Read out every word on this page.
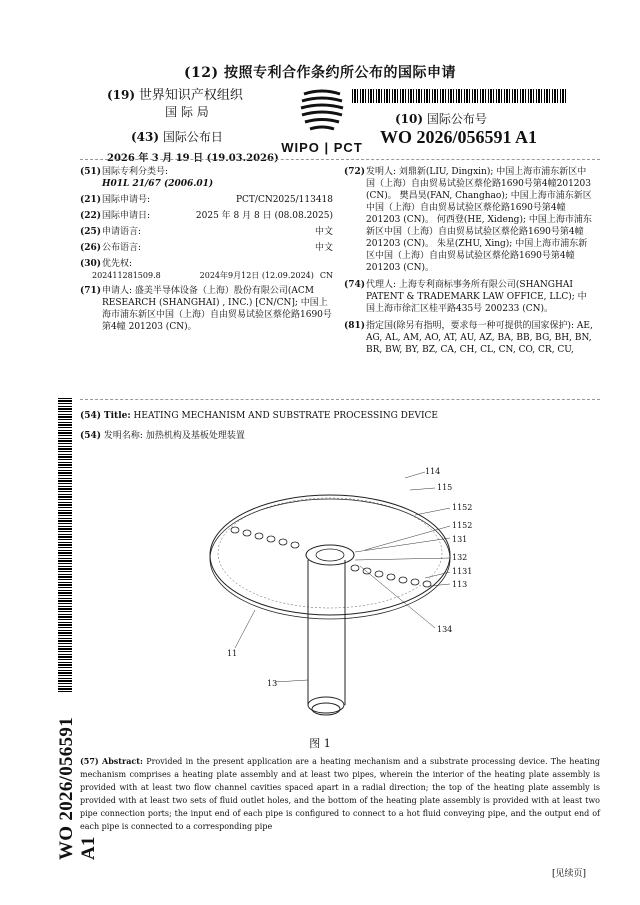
(12) 按照专利合作条约所公布的国际申请
(19) 世界知识产权组织
国 际 局
(43) 国际公布日
2026 年 3 月 19 日 (19.03.2026)
WIPO | PCT
(10) 国际公布号
WO 2026/056591 A1
(51) 国际专利分类号:
H01L 21/67 (2006.01)
(21) 国际申请号:	PCT/CN2025/113418
(22) 国际申请日:	2025 年 8 月 8 日 (08.08.2025)
(25) 申请语言:	中文
(26) 公布语言:	中文
(30) 优先权:
202411281509.8	2024年9月12日 (12.09.2024) CN
(71) 申请人: 盛美半导体设备（上海）股份有限公司(ACM RESEARCH (SHANGHAI) , INC.) [CN/CN]; 中国上海市浦东新区中国（上海）自由贸易试验区蔡伦路1690号第4幢 201203 (CN)。
(72) 发明人: 刘鼎新(LIU, Dingxin); 中国上海市浦东新区中国（上海）自由贸易试验区蔡伦路1690号第4幢201203 (CN)。 樊昌昊(FAN, Changhao); 中国上海市浦东新区中国（上海）自由贸易试验区蔡伦路1690号第4幢 201203 (CN)。 何西登(HE, Xideng); 中国上海市浦东新区中国（上海）自由贸易试验区蔡伦路1690号第4幢 201203 (CN)。 朱星(ZHU, Xing); 中国上海市浦东新区中国（上海）自由贸易试验区蔡伦路1690号第4幢 201203 (CN)。
(74) 代理人: 上海专利商标事务所有限公司(SHANGHAI PATENT & TRADEMARK LAW OFFICE, LLC); 中国上海市徐汇区桂平路435号 200233 (CN)。
(81) 指定国(除另有指明，要求每一种可提供的国家保护): AE, AG, AL, AM, AO, AT, AU, AZ, BA, BB, BG, BH, BN, BR, BW, BY, BZ, CA, CH, CL, CN, CO, CR, CU,
WO 2026/056591 A1
(54) Title: HEATING MECHANISM AND SUBSTRATE PROCESSING DEVICE
(54) 发明名称: 加热机构及基板处理装置
114
115
1152
1152
131
132
1131
113
134
11
13
图 1
(57) Abstract: Provided in the present application are a heating mechanism and a substrate processing device. The heating mechanism comprises a heating plate assembly and at least two pipes, wherein the interior of the heating plate assembly is provided with at least two flow channel cavities spaced apart in a radial direction; the top of the heating plate assembly is provided with at least two sets of fluid outlet holes, and the bottom of the heating plate assembly is provided with at least two pipe connection ports; the input end of each pipe is configured to connect to a hot fluid conveying pipe, and the output end of each pipe is connected to a corresponding pipe
[见续页]
